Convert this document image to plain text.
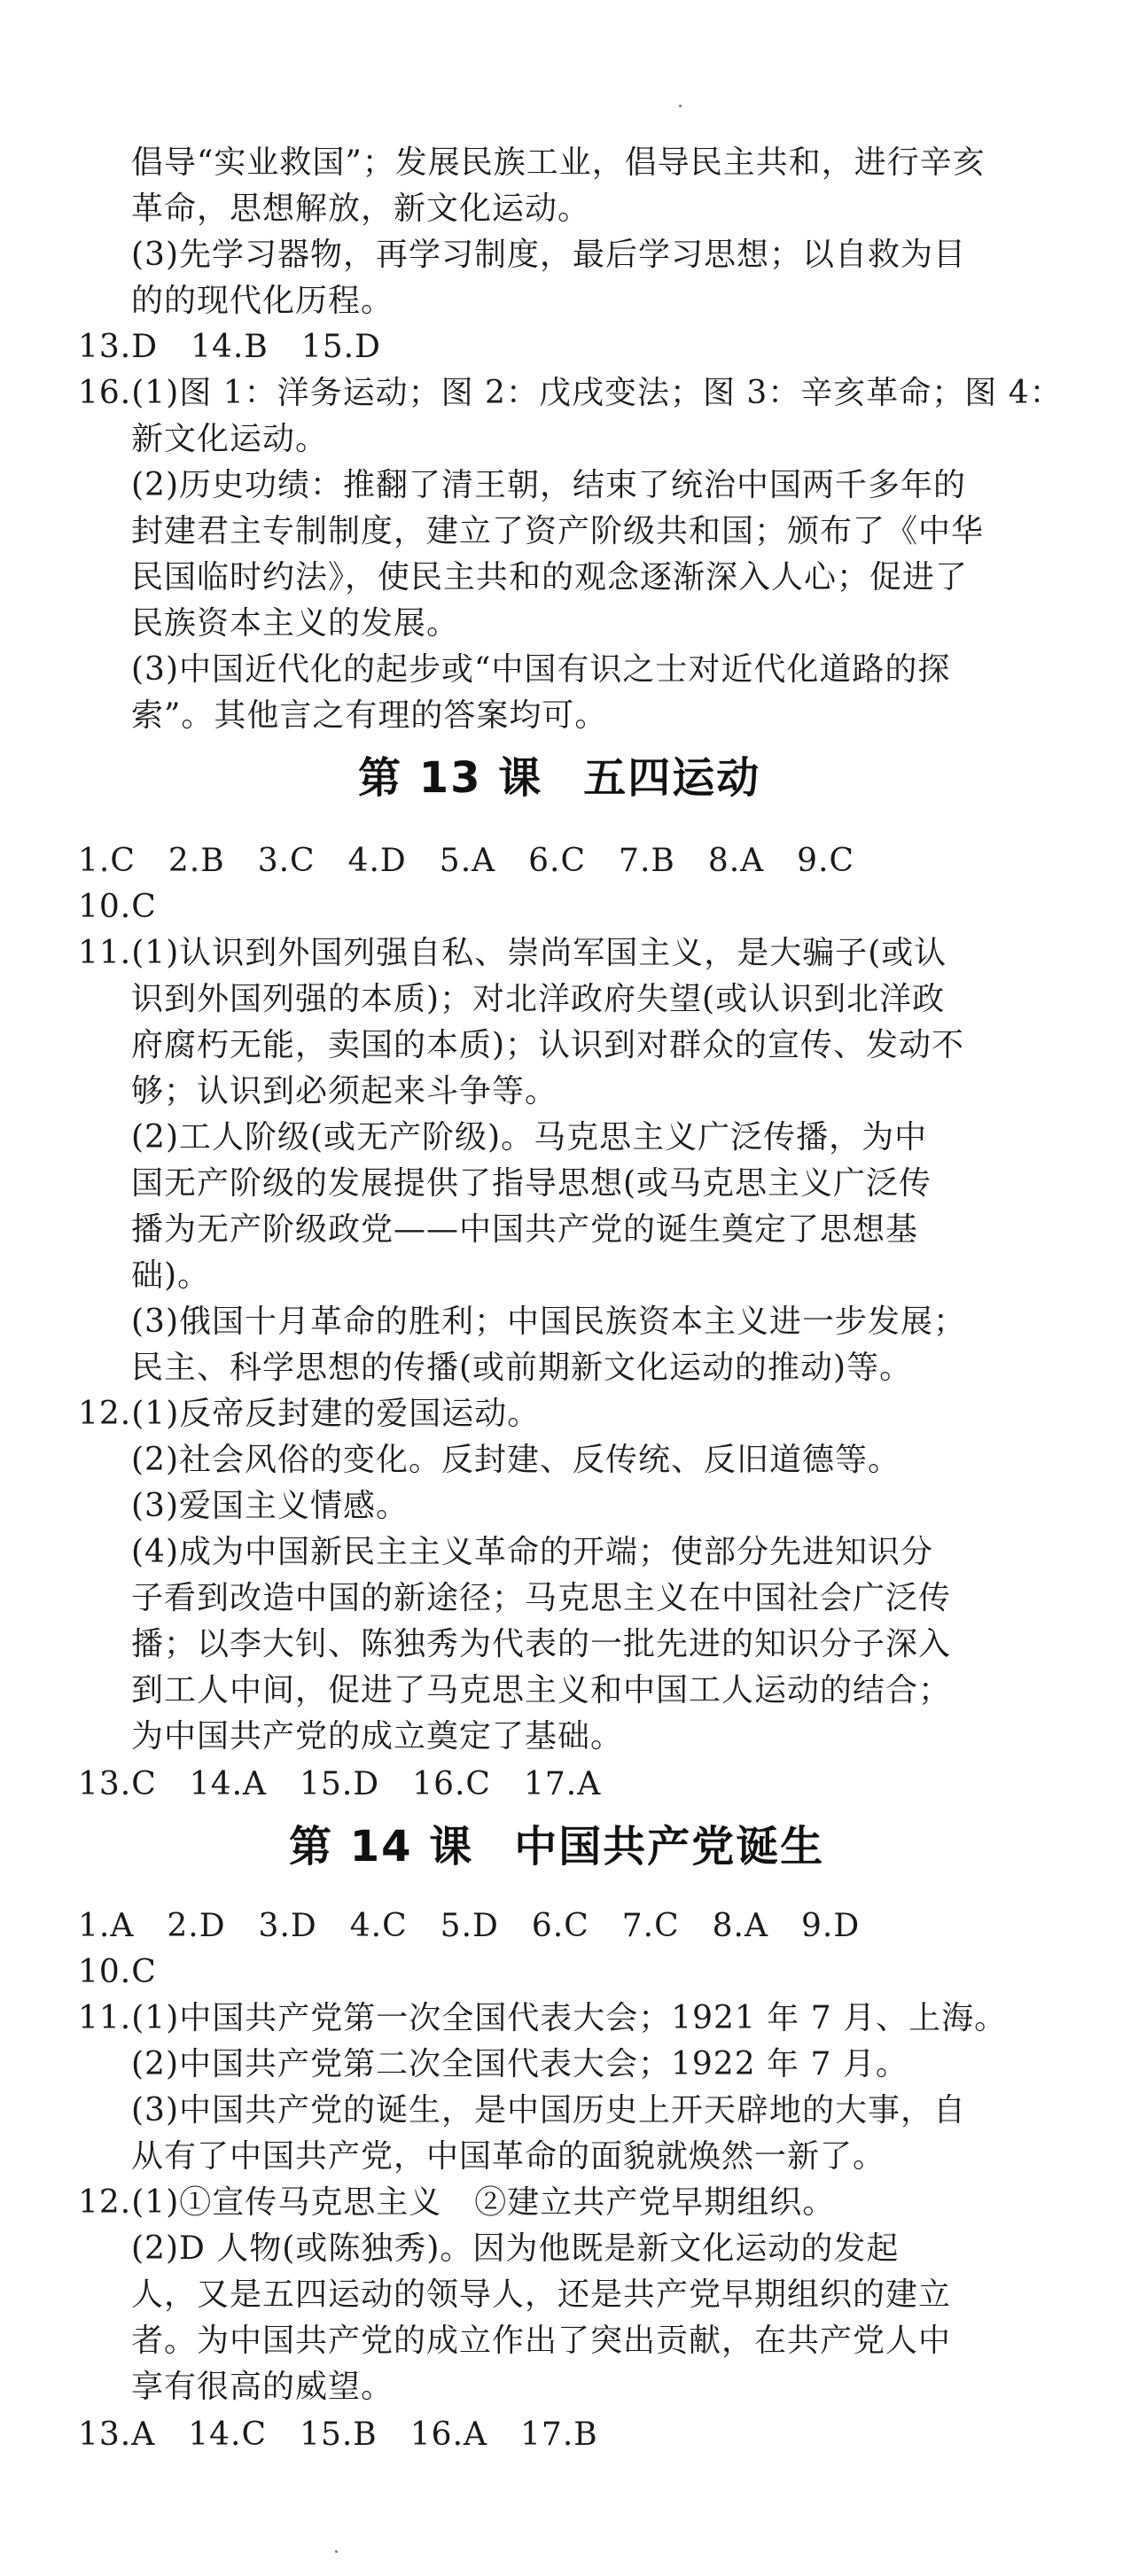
倡导“实业救国”；发展民族工业，倡导民主共和，进行辛亥
革命，思想解放，新文化运动。
(3)先学习器物，再学习制度，最后学习思想；以自救为目
的的现代化历程。
13.D　14.B　15.D
16.(1)图 1：洋务运动；图 2：戊戌变法；图 3：辛亥革命；图 4：
新文化运动。
(2)历史功绩：推翻了清王朝，结束了统治中国两千多年的
封建君主专制制度，建立了资产阶级共和国；颁布了《中华
民国临时约法》，使民主共和的观念逐渐深入人心；促进了
民族资本主义的发展。
(3)中国近代化的起步或“中国有识之士对近代化道路的探
索”。其他言之有理的答案均可。
第 13 课 五四运动
1.C　2.B　3.C　4.D　5.A　6.C　7.B　8.A　9.C
10.C
11.(1)认识到外国列强自私、崇尚军国主义，是大骗子(或认
识到外国列强的本质)；对北洋政府失望(或认识到北洋政
府腐朽无能，卖国的本质)；认识到对群众的宣传、发动不
够；认识到必须起来斗争等。
(2)工人阶级(或无产阶级)。马克思主义广泛传播，为中
国无产阶级的发展提供了指导思想(或马克思主义广泛传
播为无产阶级政党——中国共产党的诞生奠定了思想基
础)。
(3)俄国十月革命的胜利；中国民族资本主义进一步发展；
民主、科学思想的传播(或前期新文化运动的推动)等。
12.(1)反帝反封建的爱国运动。
(2)社会风俗的变化。反封建、反传统、反旧道德等。
(3)爱国主义情感。
(4)成为中国新民主主义革命的开端；使部分先进知识分
子看到改造中国的新途径；马克思主义在中国社会广泛传
播；以李大钊、陈独秀为代表的一批先进的知识分子深入
到工人中间，促进了马克思主义和中国工人运动的结合；
为中国共产党的成立奠定了基础。
13.C　14.A　15.D　16.C　17.A
第 14 课 中国共产党诞生
1.A　2.D　3.D　4.C　5.D　6.C　7.C　8.A　9.D
10.C
11.(1)中国共产党第一次全国代表大会；1921 年 7 月、上海。
(2)中国共产党第二次全国代表大会；1922 年 7 月。
(3)中国共产党的诞生，是中国历史上开天辟地的大事，自
从有了中国共产党，中国革命的面貌就焕然一新了。
12.(1)①宣传马克思主义　②建立共产党早期组织。
(2)D 人物(或陈独秀)。因为他既是新文化运动的发起
人，又是五四运动的领导人，还是共产党早期组织的建立
者。为中国共产党的成立作出了突出贡献，在共产党人中
享有很高的威望。
13.A　14.C　15.B　16.A　17.B
